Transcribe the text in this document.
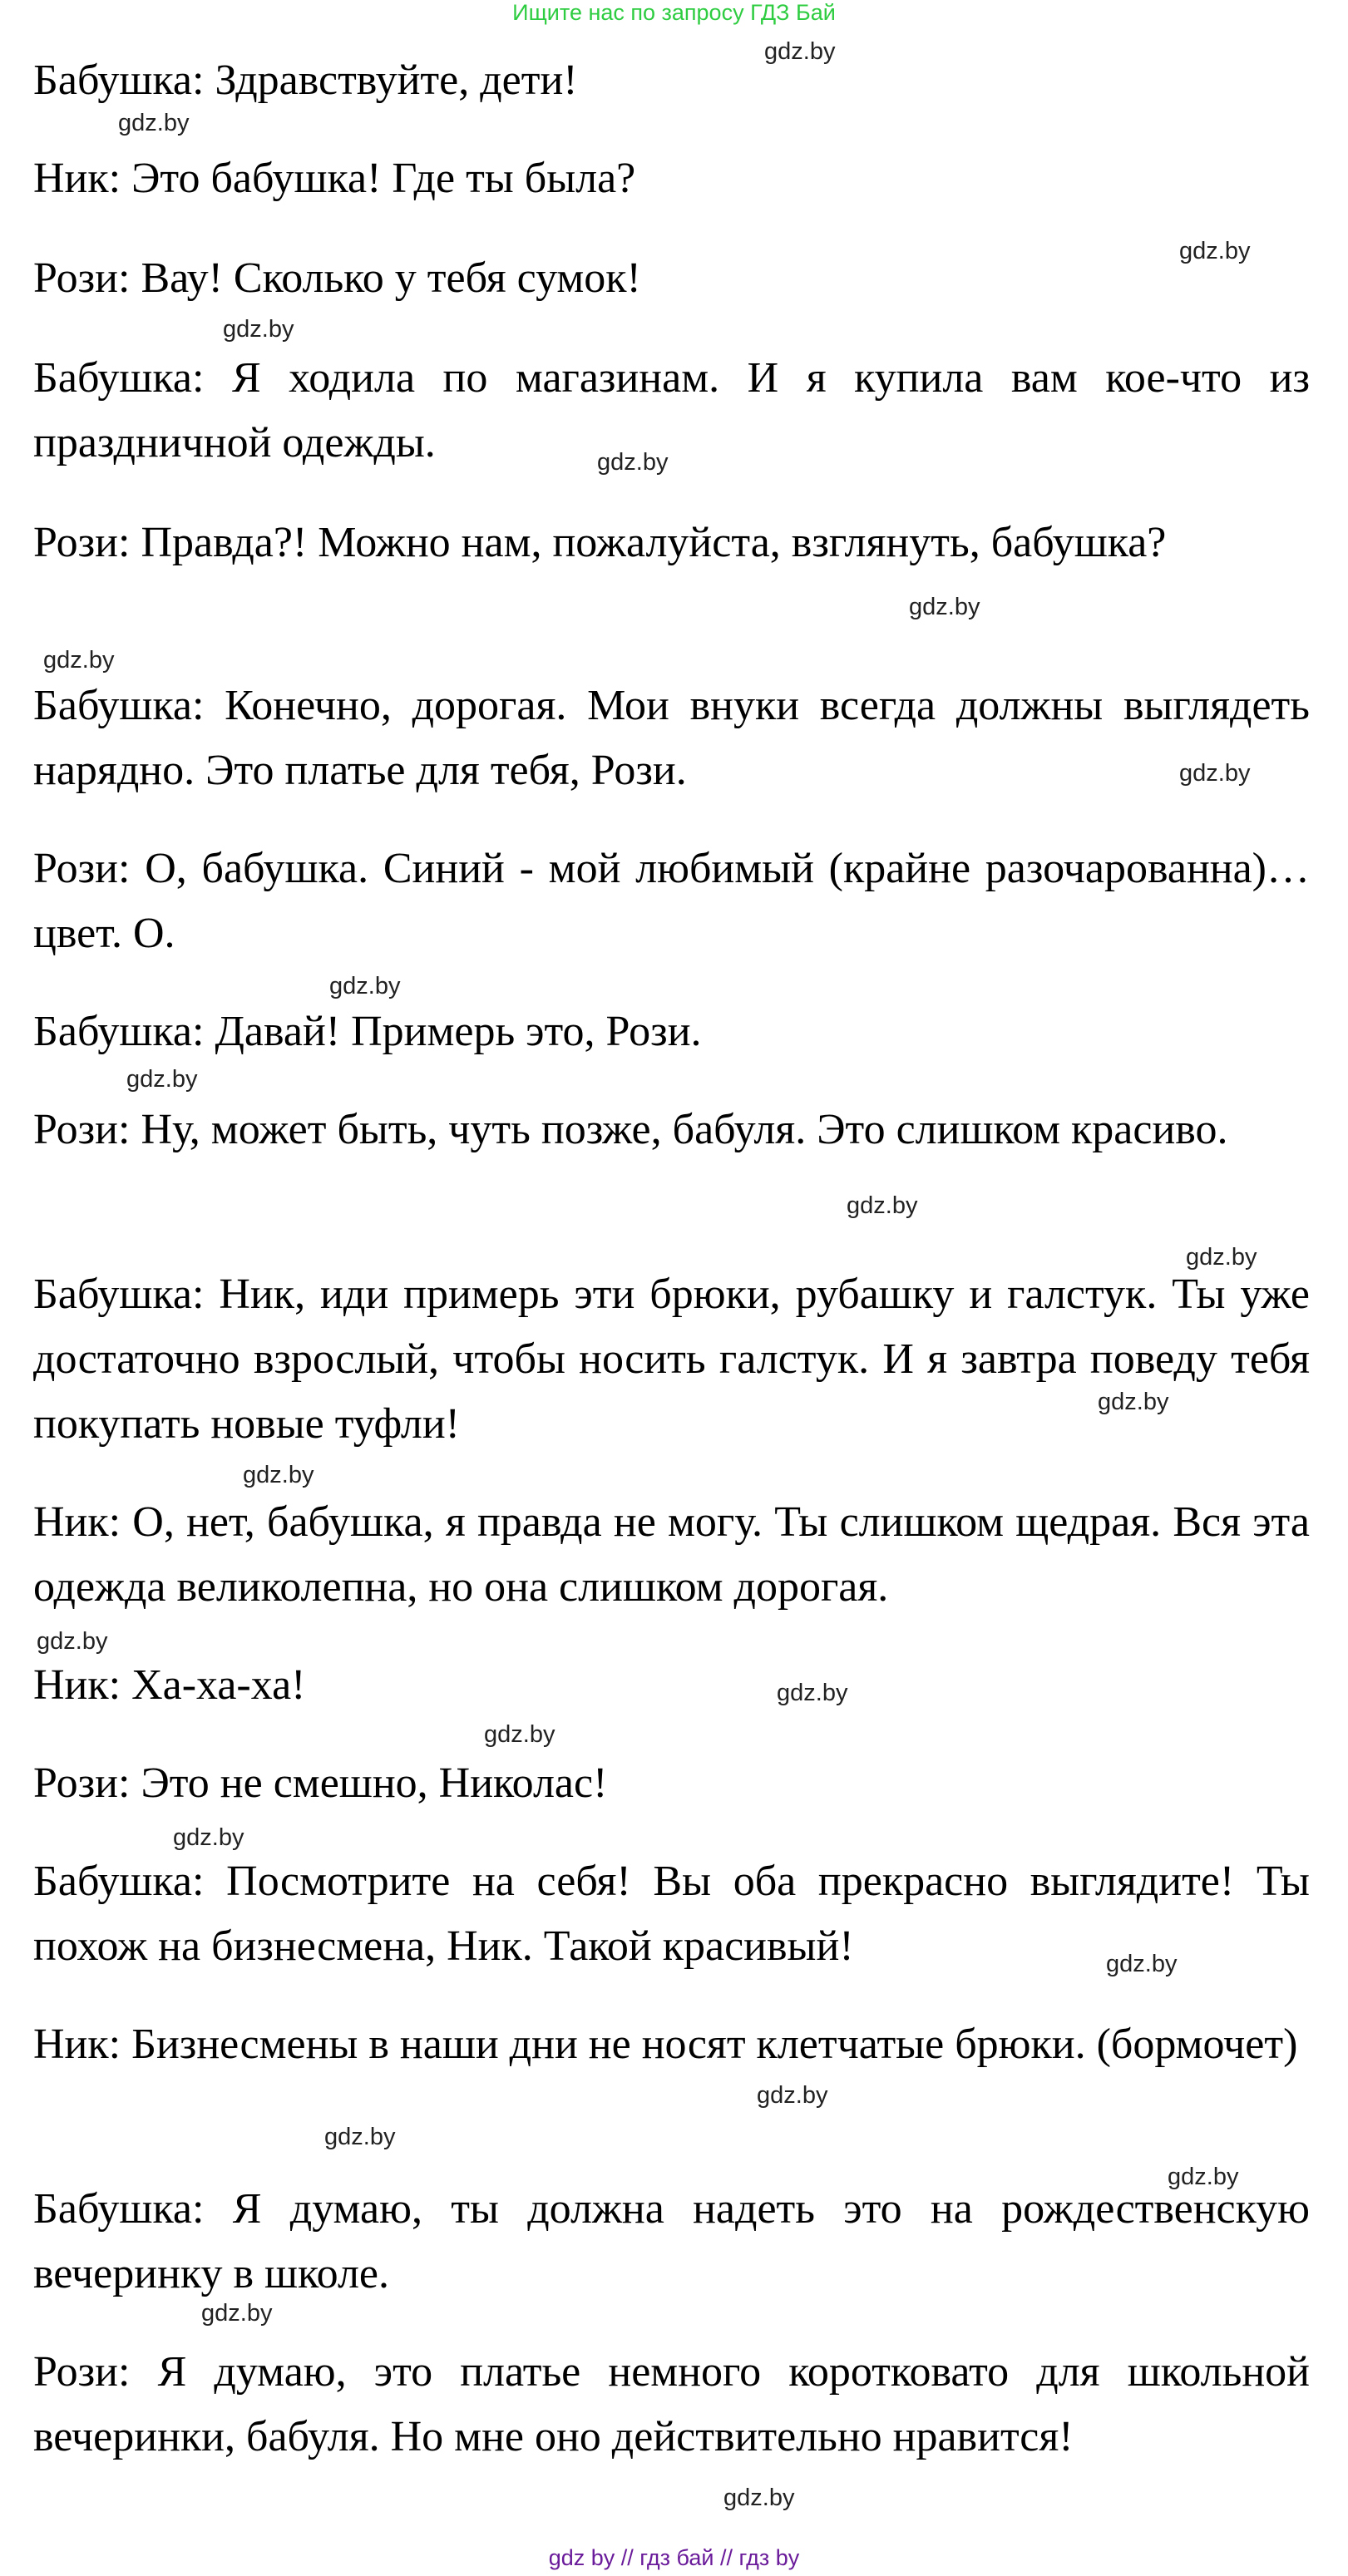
Ищите нас по запросу ГДЗ Бай

Бабушка: Здравствуйте, дети!

Ник: Это бабушка! Где ты была?

Рози: Вау! Сколько у тебя сумок!

Бабушка: Я ходила по магазинам. И я купила вам кое-что из праздничной одежды.

Рози: Правда?! Можно нам, пожалуйста, взглянуть, бабушка?

Бабушка: Конечно, дорогая. Мои внуки всегда должны выглядеть нарядно. Это платье для тебя, Рози.

Рози: О, бабушка. Синий - мой любимый (крайне разочарованна)… цвет. О.

Бабушка: Давай! Примерь это, Рози.

Рози: Ну, может быть, чуть позже, бабуля. Это слишком красиво.

Бабушка: Ник, иди примерь эти брюки, рубашку и галстук. Ты уже достаточно взрослый, чтобы носить галстук. И я завтра поведу тебя покупать новые туфли!

Ник: О, нет, бабушка, я правда не могу. Ты слишком щедрая. Вся эта одежда великолепна, но она слишком дорогая.

Ник: Ха-ха-ха!

Рози: Это не смешно, Николас!

Бабушка: Посмотрите на себя! Вы оба прекрасно выглядите! Ты похож на бизнесмена, Ник. Такой красивый!

Ник: Бизнесмены в наши дни не носят клетчатые брюки. (бормочет)

Бабушка: Я думаю, ты должна надеть это на рождественскую вечеринку в школе.

Рози: Я думаю, это платье немного коротковато для школьной вечеринки, бабуля. Но мне оно действительно нравится!

gdz.by
gdz.by
gdz.by
gdz.by
gdz.by
gdz.by
gdz.by
gdz.by
gdz.by
gdz.by
gdz.by
gdz.by
gdz.by
gdz.by
gdz.by
gdz.by
gdz.by
gdz.by
gdz.by
gdz.by
gdz.by
gdz.by
gdz.by
gdz.by
gdz by // гдз бай // гдз by
